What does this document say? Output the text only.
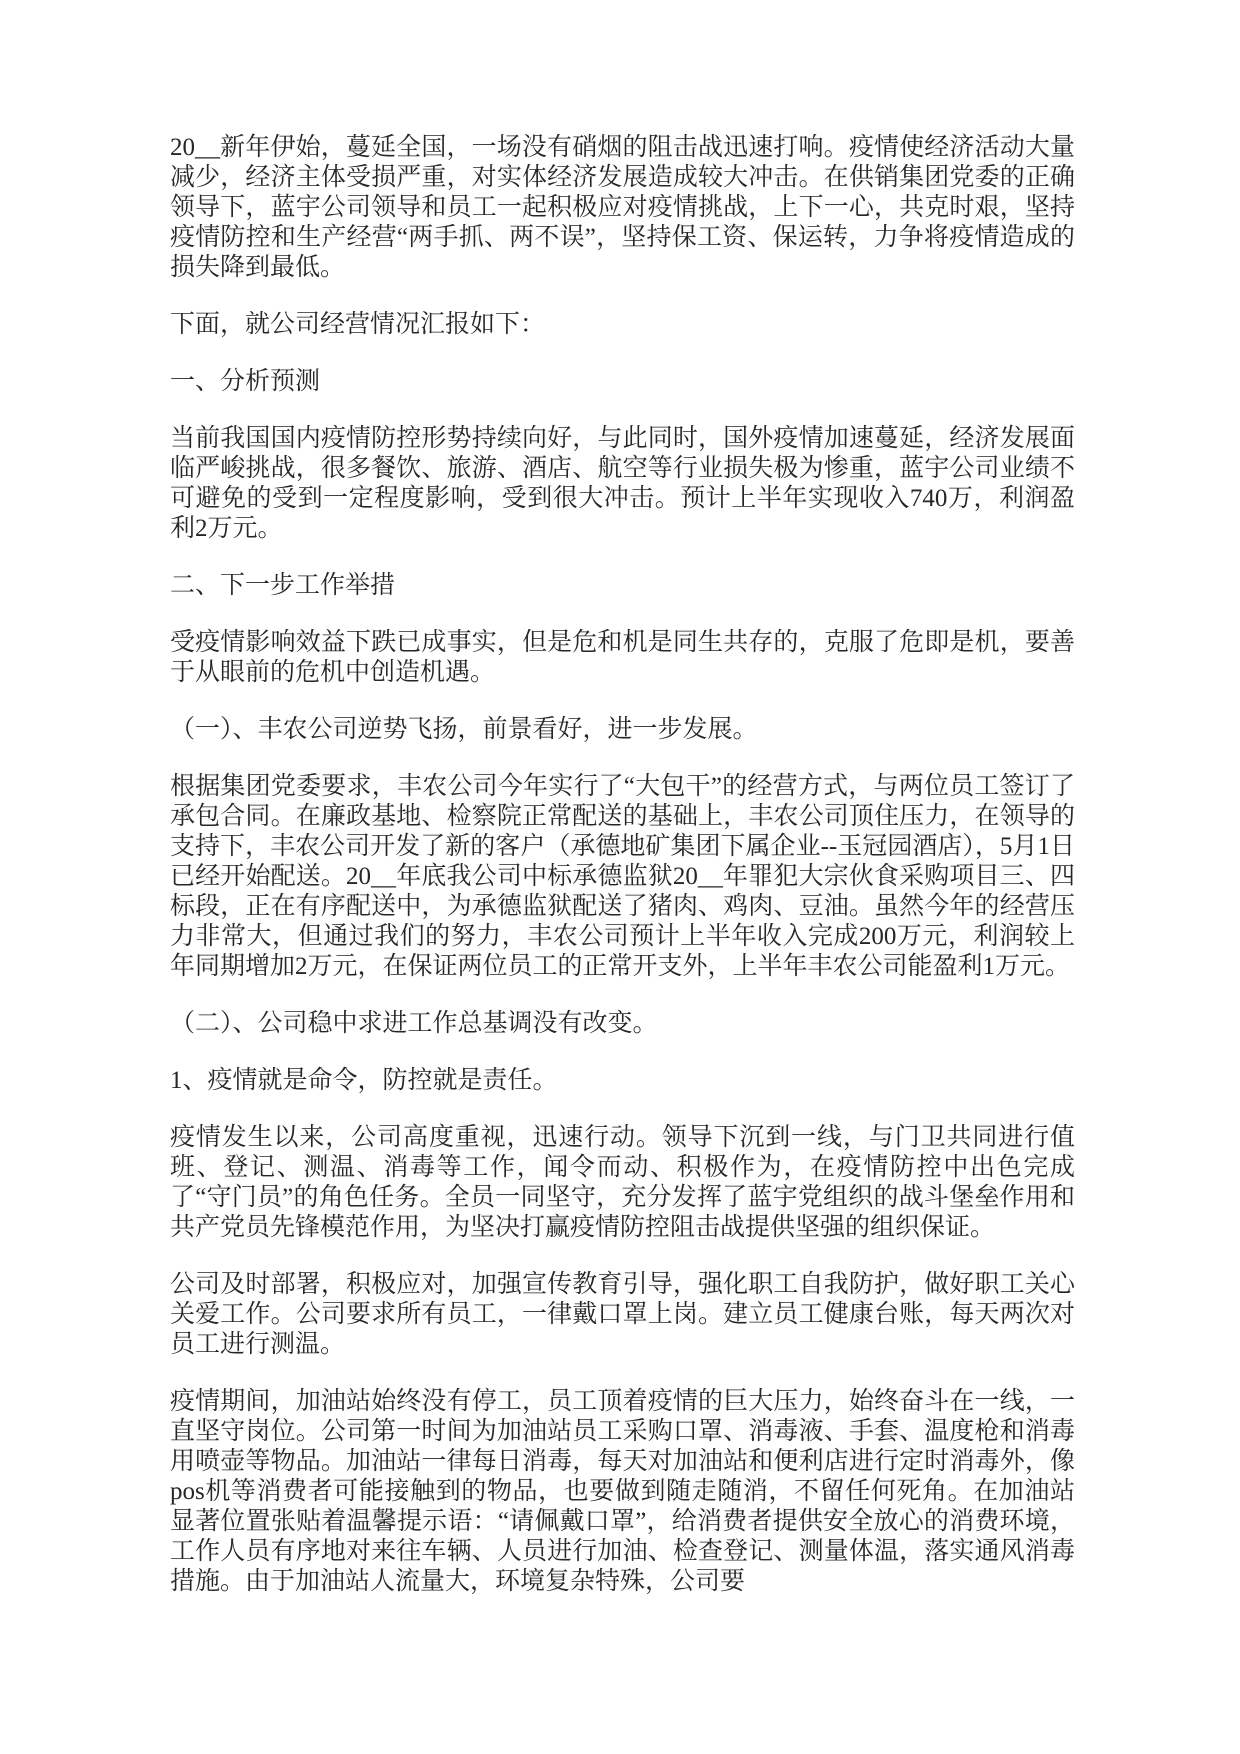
20__新年伊始，蔓延全国，一场没有硝烟的阻击战迅速打响。疫情使经济活动大量减少，经济主体受损严重，对实体经济发展造成较大冲击。在供销集团党委的正确领导下，蓝宇公司领导和员工一起积极应对疫情挑战，上下一心，共克时艰，坚持疫情防控和生产经营“两手抓、两不误”，坚持保工资、保运转，力争将疫情造成的损失降到最低。

下面，就公司经营情况汇报如下：

一、分析预测

当前我国国内疫情防控形势持续向好，与此同时，国外疫情加速蔓延，经济发展面临严峻挑战，很多餐饮、旅游、酒店、航空等行业损失极为惨重，蓝宇公司业绩不可避免的受到一定程度影响，受到很大冲击。预计上半年实现收入740万，利润盈利2万元。

二、下一步工作举措

受疫情影响效益下跌已成事实，但是危和机是同生共存的，克服了危即是机，要善于从眼前的危机中创造机遇。

（一）、丰农公司逆势飞扬，前景看好，进一步发展。

根据集团党委要求，丰农公司今年实行了“大包干”的经营方式，与两位员工签订了承包合同。在廉政基地、检察院正常配送的基础上，丰农公司顶住压力，在领导的支持下，丰农公司开发了新的客户（承德地矿集团下属企业--玉冠园酒店），5月1日已经开始配送。20__年底我公司中标承德监狱20__年罪犯大宗伙食采购项目三、四标段，正在有序配送中，为承德监狱配送了猪肉、鸡肉、豆油。虽然今年的经营压力非常大，但通过我们的努力，丰农公司预计上半年收入完成200万元，利润较上年同期增加2万元，在保证两位员工的正常开支外，上半年丰农公司能盈利1万元。

（二）、公司稳中求进工作总基调没有改变。

1、疫情就是命令，防控就是责任。

疫情发生以来，公司高度重视，迅速行动。领导下沉到一线，与门卫共同进行值班、登记、测温、消毒等工作，闻令而动、积极作为，在疫情防控中出色完成了“守门员”的角色任务。全员一同坚守，充分发挥了蓝宇党组织的战斗堡垒作用和共产党员先锋模范作用，为坚决打赢疫情防控阻击战提供坚强的组织保证。

公司及时部署，积极应对，加强宣传教育引导，强化职工自我防护，做好职工关心关爱工作。公司要求所有员工，一律戴口罩上岗。建立员工健康台账，每天两次对员工进行测温。

疫情期间，加油站始终没有停工，员工顶着疫情的巨大压力，始终奋斗在一线，一直坚守岗位。公司第一时间为加油站员工采购口罩、消毒液、手套、温度枪和消毒用喷壶等物品。加油站一律每日消毒，每天对加油站和便利店进行定时消毒外，像pos机等消费者可能接触到的物品，也要做到随走随消，不留任何死角。在加油站显著位置张贴着温馨提示语：“请佩戴口罩”，给消费者提供安全放心的消费环境，工作人员有序地对来往车辆、人员进行加油、检查登记、测量体温，落实通风消毒措施。由于加油站人流量大，环境复杂特殊，公司要
